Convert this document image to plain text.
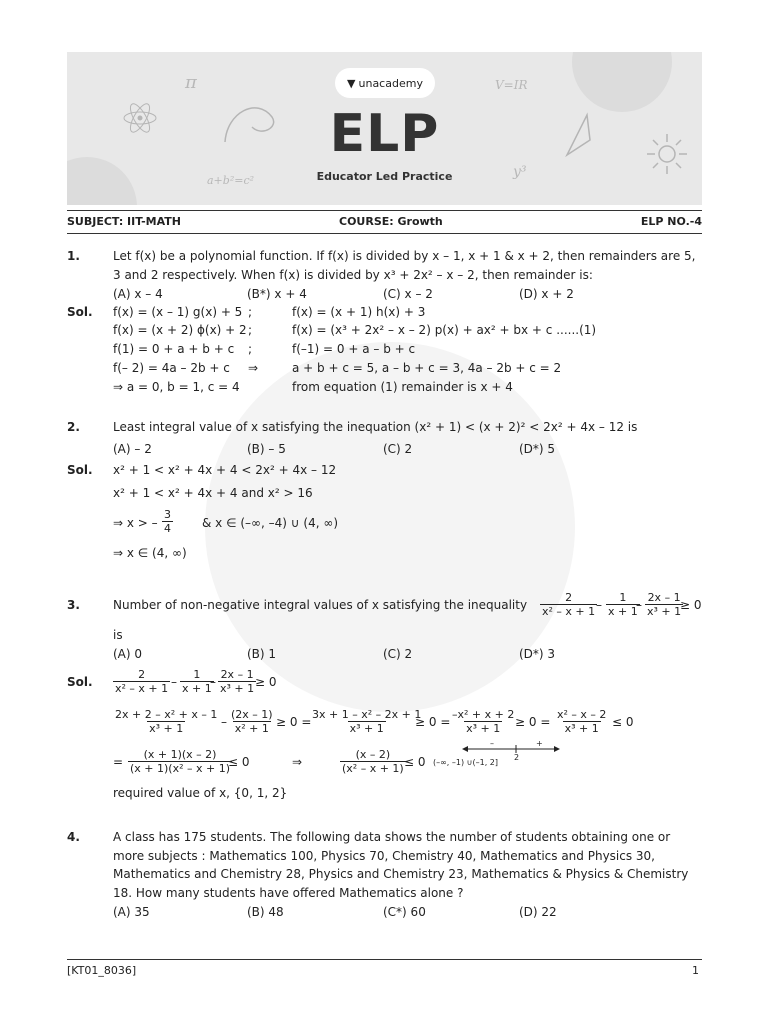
π	V=IR
a+b²=c²
y³
▼ unacademy
ELP
Educator Led Practice
SUBJECT: IIT-MATH	COURSE: Growth	ELP NO.-4
1.	Let f(x) be a polynomial function. If f(x) is divided by x – 1, x + 1 & x + 2, then remainders are 5,
3 and 2 respectively. When f(x) is divided by x³ + 2x² – x – 2, then remainder is:
(A) x – 4	(B*) x + 4	(C) x – 2	(D) x + 2
Sol. f(x) = (x – 1) g(x) + 5 ;	f(x) = (x + 1) h(x) + 3
f(x) = (x + 2) ϕ(x) + 2 ;	f(x) = (x³ + 2x² – x – 2) p(x) + ax² + bx + c ......(1)
f(1) = 0 + a + b + c ;	f(–1) = 0 + a – b + c
f(– 2) = 4a – 2b + c ⇒	a + b + c = 5, a – b + c = 3, 4a – 2b + c = 2
⇒ a = 0, b = 1, c = 4	from equation (1) remainder is x + 4
2.	Least integral value of x satisfying the inequation (x² + 1) < (x + 2)² < 2x² + 4x – 12 is
(A) – 2	(B) – 5	(C) 2	(D*) 5
Sol. x² + 1 < x² + 4x + 4 < 2x² + 4x – 12
x² + 1 < x² + 4x + 4 and x² > 16
⇒ x > – $\frac{3}{4}$ & x ∈ (–∞, –4) ∪ (4, ∞)
⇒ x ∈ (4, ∞)
3.	Number of non-negative integral values of x satisfying the inequality $\frac{2}{\text{x² – x + 1}}$
– $\frac{1}{x + 1}$
– $\frac{2x - 1}{\text{x³ + 1}}$
≥ 0
is
(A) 0	(B) 1	(C) 2	(D*) 3
Sol. $\frac{2}{\text{x² – x + 1}} - \frac{1}{x + 1}$
– $\frac{2x - 1}{\text{x³ + 1}}$
≥ 0
$\frac{\text{2x + 2 – x² + x – 1}}{\text{x³ + 1}} - \frac{(2x - 1)}{\text{x² + 1}} \ge 0$ =
$\frac{\text{3x + 1 – x² – 2x + 1}}{\text{x³ + 1}}$
≥ $0 = \frac{\text{–x² + x + 2}}{\text{x³ + 1}}$
≥ $0 = \frac{\text{x² – x – 2}}{\text{x³ + 1}} \le 0$
= $\frac{(x + 1)(x - 2)}{\text{(x + 1)(x² – x + 1)}}$
≤ 0	⇒	$\frac{(x - 2)}{\text{(x² – x + 1)}}$
≤ 0 (–∞, –1) ∪(–1, 2]
–	+
2
required value of x, {0, 1, 2}
4.	A class has 175 students. The following data shows the number of students obtaining one or
more subjects : Mathematics 100, Physics 70, Chemistry 40, Mathematics and Physics 30,
Mathematics and Chemistry 28, Physics and Chemistry 23, Mathematics & Physics & Chemistry
18. How many students have offered Mathematics alone ?
(A) 35	(B) 48	(C*) 60	(D) 22
[KT01_8036]	1
